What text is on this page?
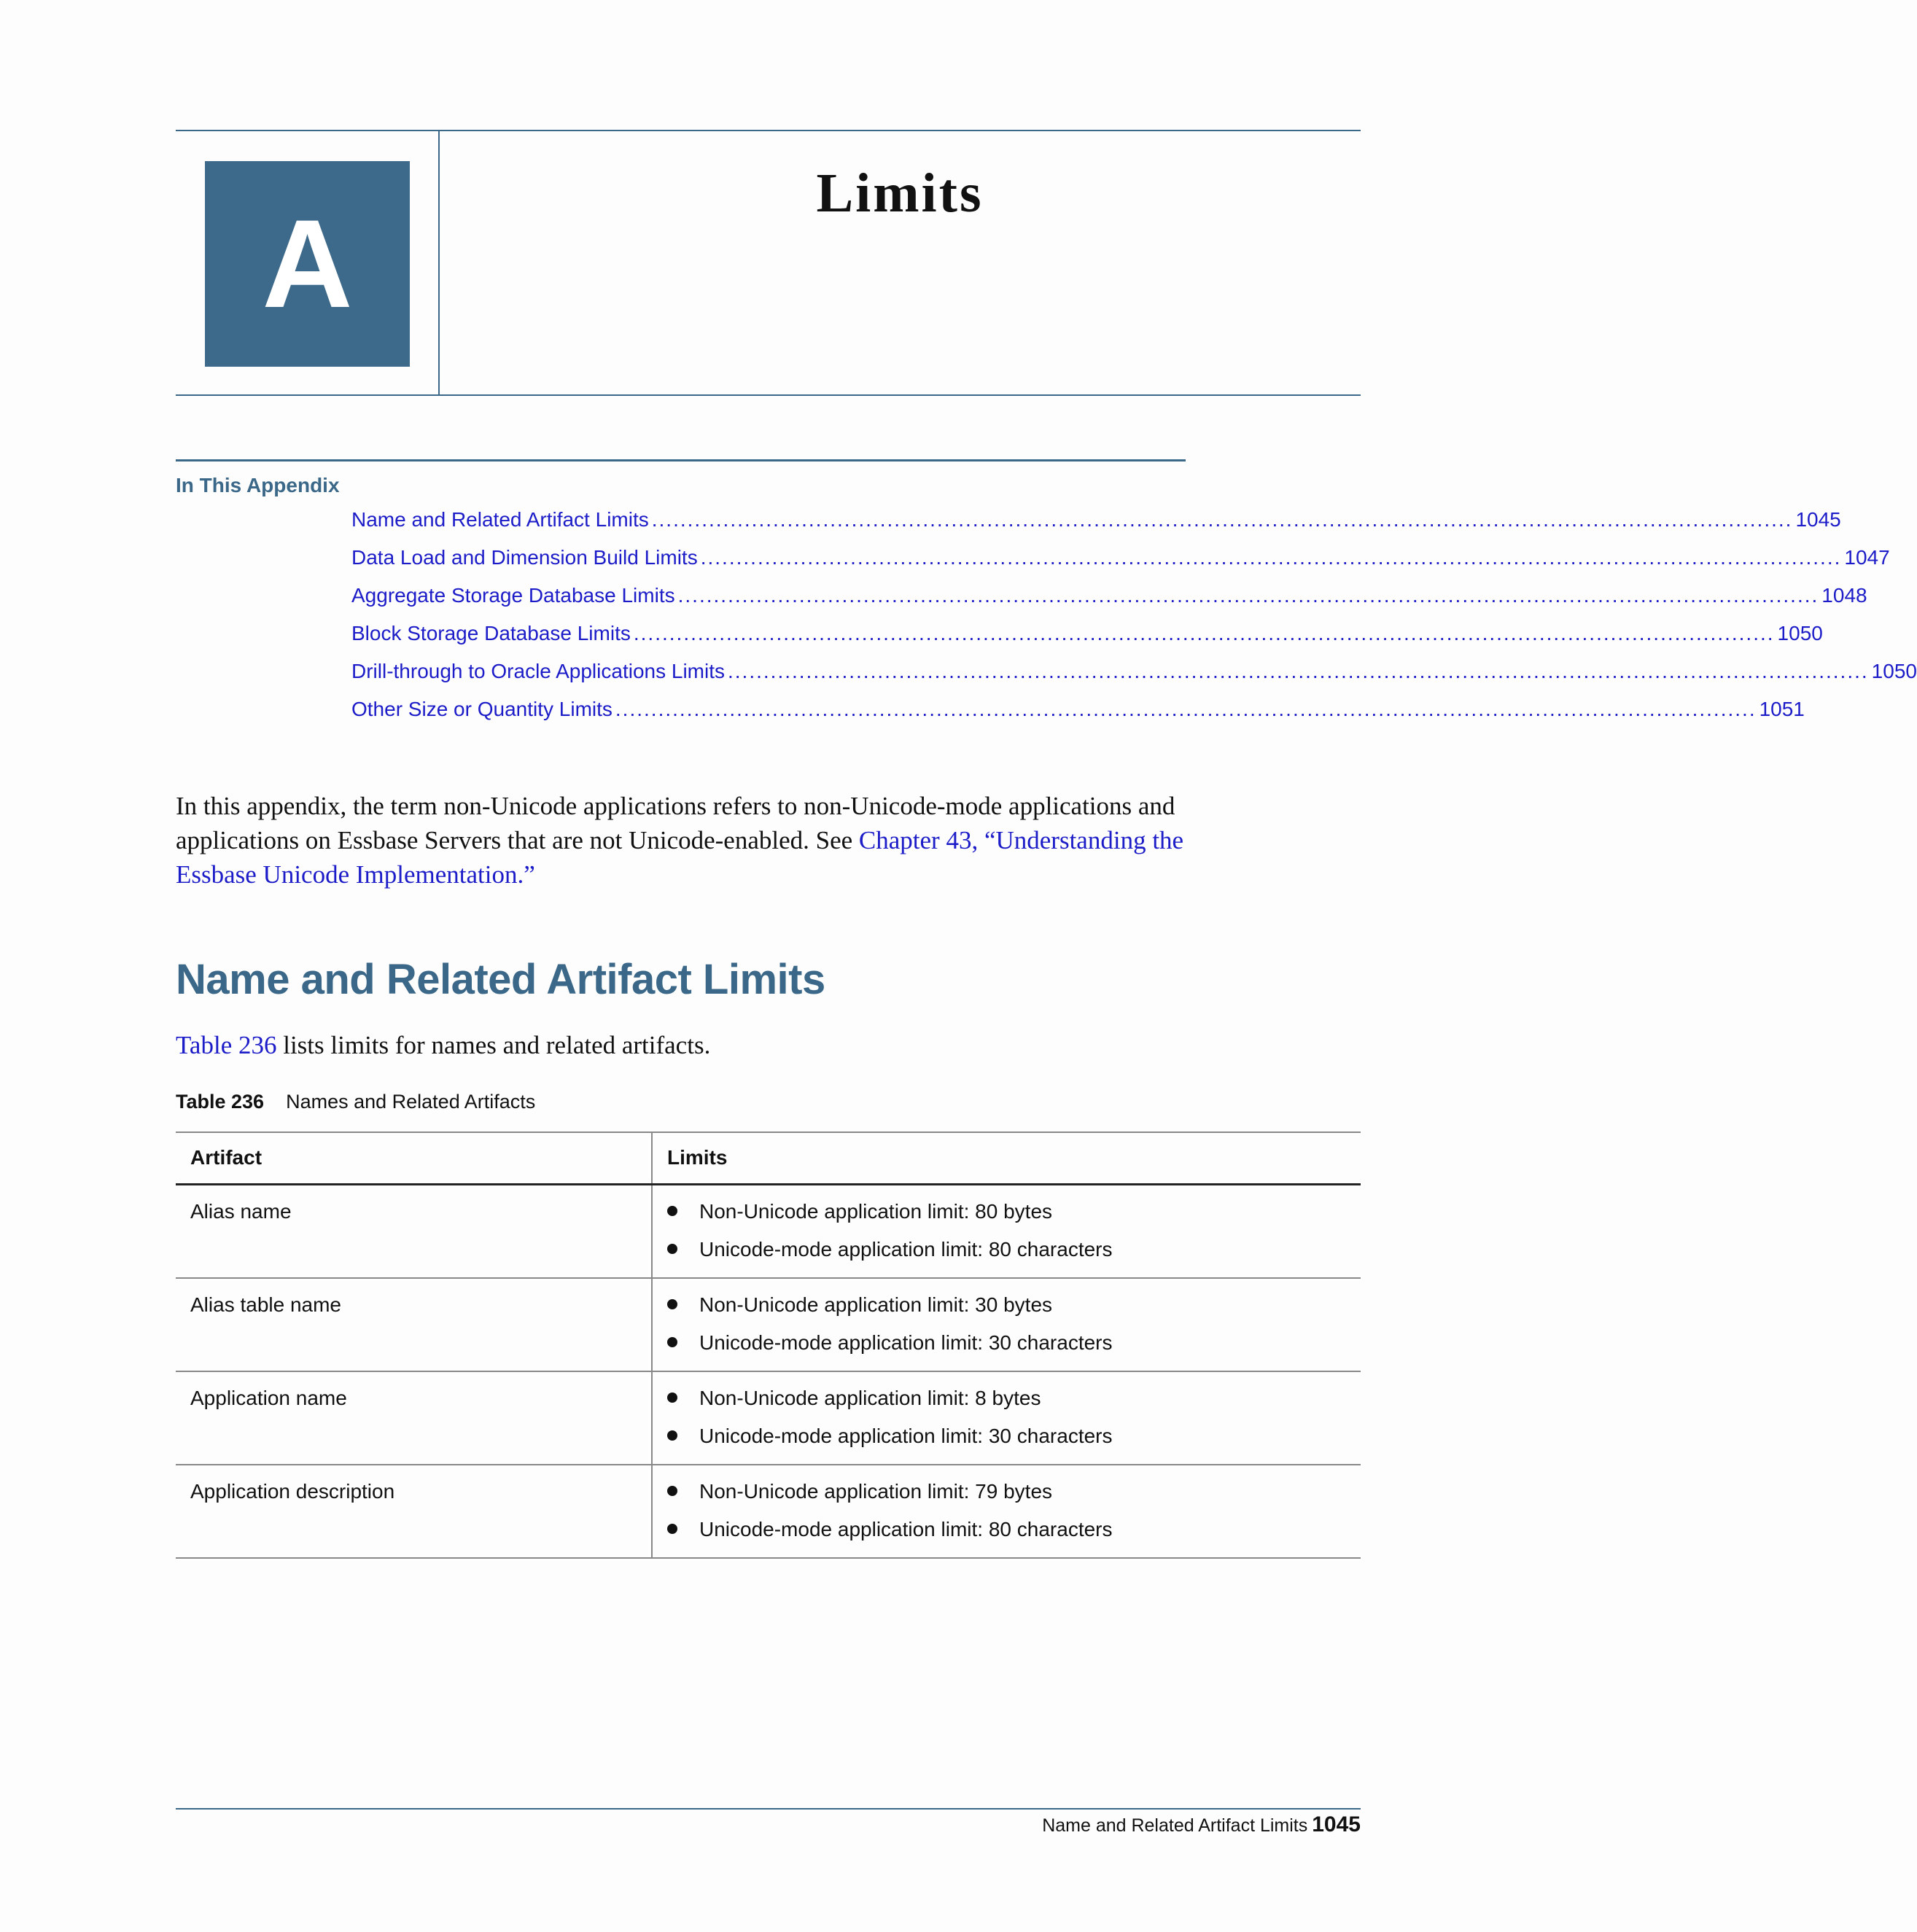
A
Limits
In This Appendix
Name and Related Artifact Limits ................................................................................................................................................................ 1045
Data Load and Dimension Build Limits ................................................................................................................................................................ 1047
Aggregate Storage Database Limits ................................................................................................................................................................ 1048
Block Storage Database Limits ................................................................................................................................................................ 1050
Drill-through to Oracle Applications Limits ................................................................................................................................................................ 1050
Other Size or Quantity Limits ................................................................................................................................................................ 1051
In this appendix, the term non-Unicode applications refers to non-Unicode-mode applications and applications on Essbase Servers that are not Unicode-enabled. See Chapter 43, “Understanding the Essbase Unicode Implementation.”
Name and Related Artifact Limits
Table 236 lists limits for names and related artifacts.
Table 236 Names and Related Artifacts
Artifact	Limits
Alias name	Non-Unicode application limit: 80 bytes
Unicode-mode application limit: 80 characters
Alias table name	Non-Unicode application limit: 30 bytes
Unicode-mode application limit: 30 characters
Application name	Non-Unicode application limit: 8 bytes
Unicode-mode application limit: 30 characters
Application description	Non-Unicode application limit: 79 bytes
Unicode-mode application limit: 80 characters
Name and Related Artifact Limits 1045
